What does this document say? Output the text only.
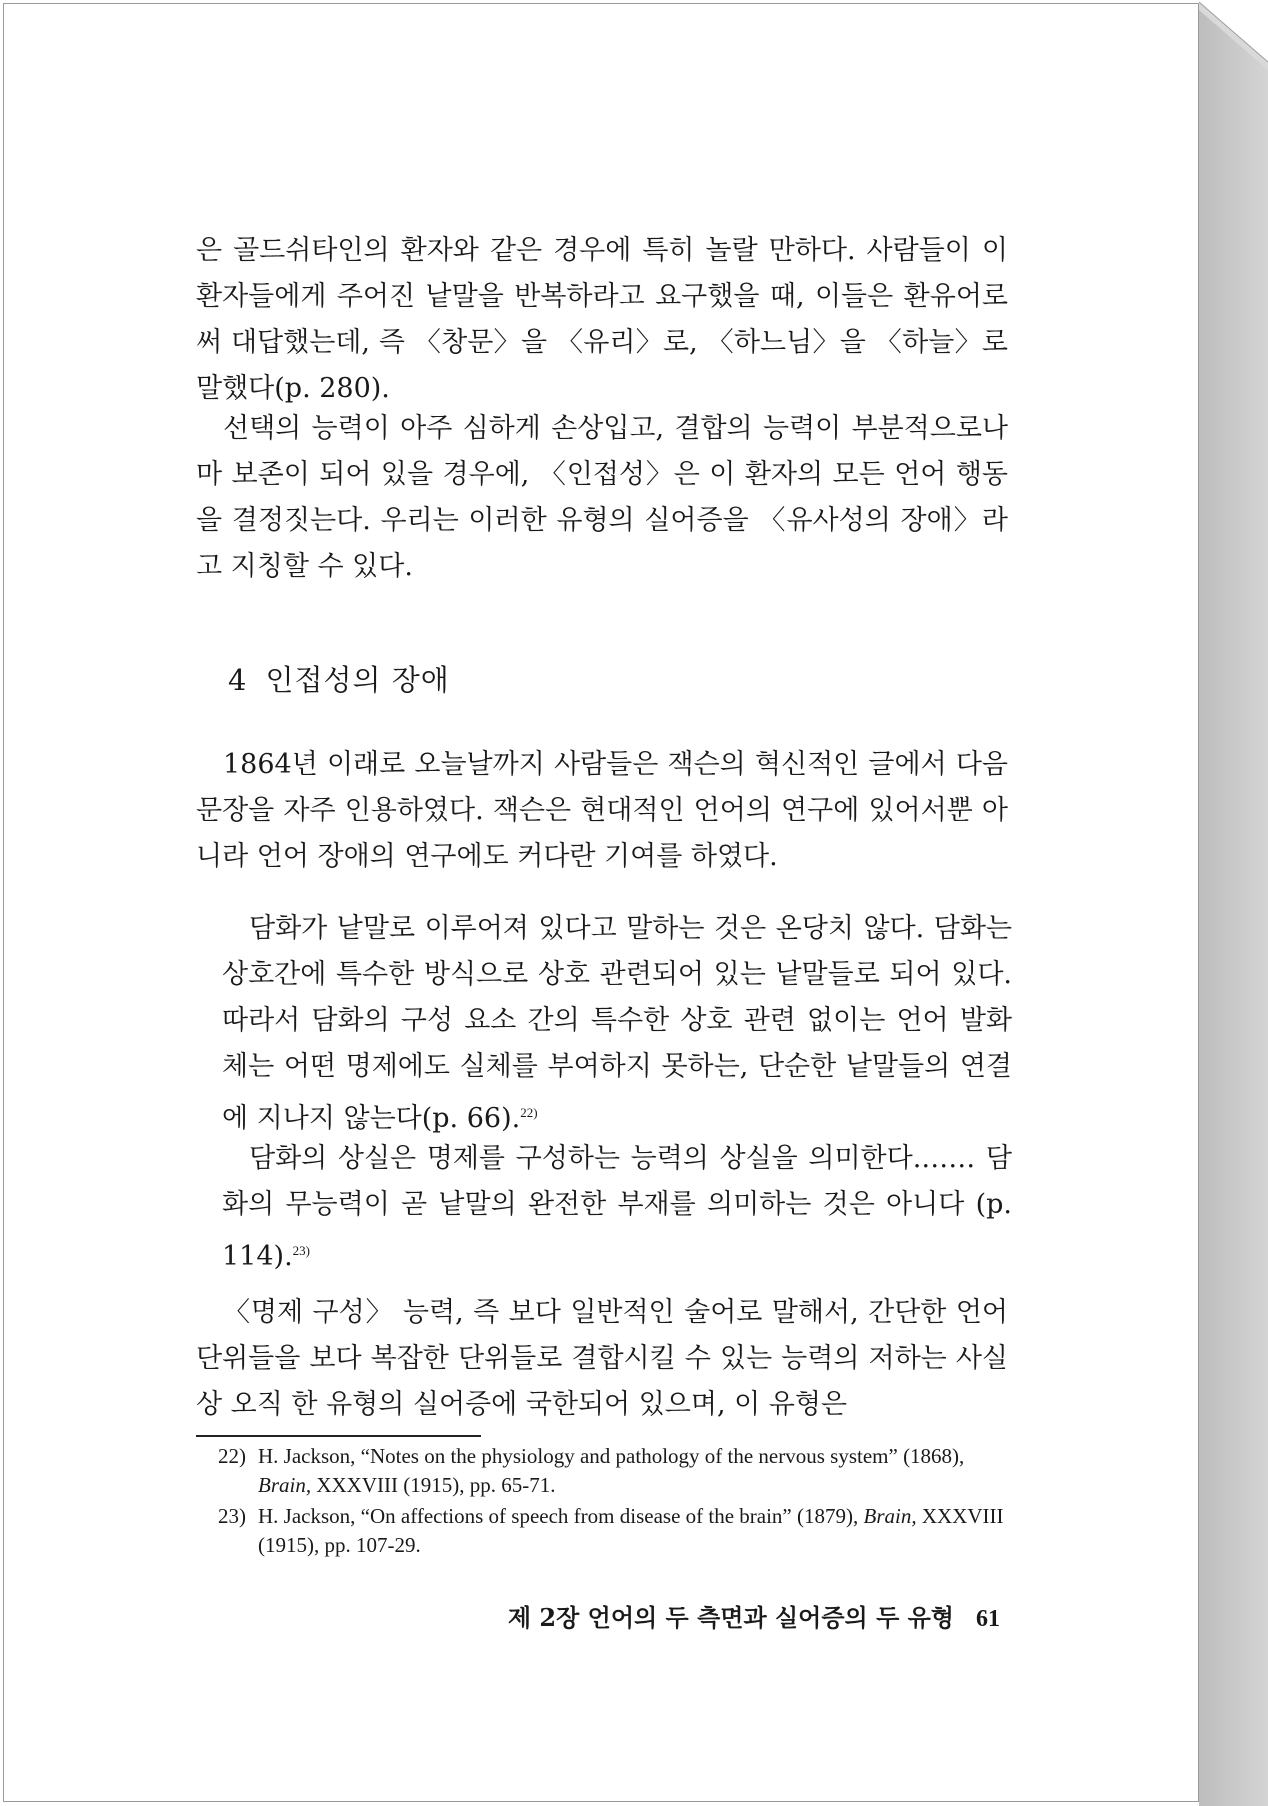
은 골드쉬타인의 환자와 같은 경우에 특히 놀랄 만하다. 사람들이 이 환자들에게 주어진 낱말을 반복하라고 요구했을 때, 이들은 환유어로써 대답했는데, 즉 〈창문〉을 〈유리〉로, 〈하느님〉을 〈하늘〉로 말했다(p. 280).

선택의 능력이 아주 심하게 손상입고, 결합의 능력이 부분적으로나마 보존이 되어 있을 경우에, 〈인접성〉은 이 환자의 모든 언어 행동을 결정짓는다. 우리는 이러한 유형의 실어증을 〈유사성의 장애〉라고 지칭할 수 있다.

4 인접성의 장애

1864년 이래로 오늘날까지 사람들은 잭슨의 혁신적인 글에서 다음 문장을 자주 인용하였다. 잭슨은 현대적인 언어의 연구에 있어서뿐 아니라 언어 장애의 연구에도 커다란 기여를 하였다.

담화가 낱말로 이루어져 있다고 말하는 것은 온당치 않다. 담화는 상호간에 특수한 방식으로 상호 관련되어 있는 낱말들로 되어 있다. 따라서 담화의 구성 요소 간의 특수한 상호 관련 없이는 언어 발화체는 어떤 명제에도 실체를 부여하지 못하는, 단순한 낱말들의 연결에 지나지 않는다(p. 66).$^{22)}$

담화의 상실은 명제를 구성하는 능력의 상실을 의미한다.…… 담화의 무능력이 곧 낱말의 완전한 부재를 의미하는 것은 아니다 (p. 114).$^{23)}$

〈명제 구성〉 능력, 즉 보다 일반적인 술어로 말해서, 간단한 언어 단위들을 보다 복잡한 단위들로 결합시킬 수 있는 능력의 저하는 사실상 오직 한 유형의 실어증에 국한되어 있으며, 이 유형은

22) H. Jackson, “Notes on the physiology and pathology of the nervous system” (1868), Brain, XXXVIII (1915), pp. 65-71.
23) H. Jackson, “On affections of speech from disease of the brain” (1879), Brain, XXXVIII (1915), pp. 107-29.
제 2장 언어의 두 측면과 실어증의 두 유형 61
